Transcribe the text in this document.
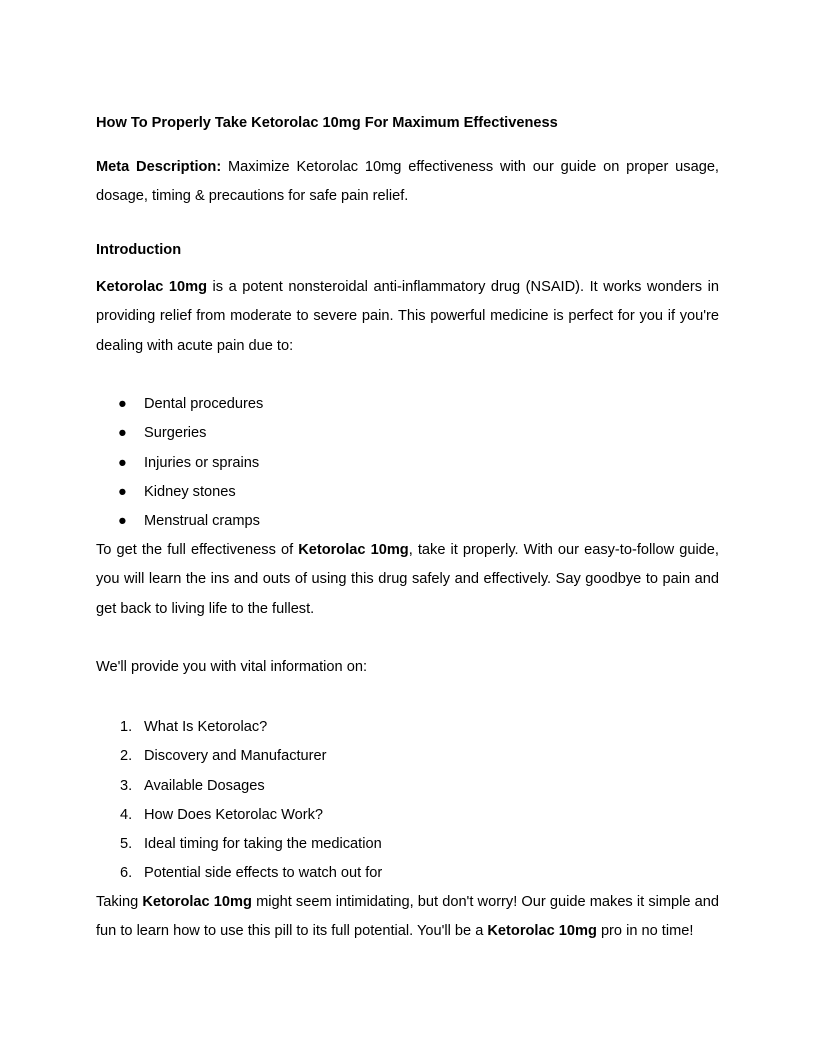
How To Properly Take Ketorolac 10mg For Maximum Effectiveness

Meta Description: Maximize Ketorolac 10mg effectiveness with our guide on proper usage, dosage, timing & precautions for safe pain relief.

Introduction

Ketorolac 10mg is a potent nonsteroidal anti-inflammatory drug (NSAID). It works wonders in providing relief from moderate to severe pain. This powerful medicine is perfect for you if you're dealing with acute pain due to:

●	Dental procedures
●	Surgeries
●	Injuries or sprains
●	Kidney stones
●	Menstrual cramps

To get the full effectiveness of Ketorolac 10mg, take it properly. With our easy-to-follow guide, you will learn the ins and outs of using this drug safely and effectively. Say goodbye to pain and get back to living life to the fullest.

We'll provide you with vital information on:

1. What Is Ketorolac?
2. Discovery and Manufacturer
3. Available Dosages
4. How Does Ketorolac Work?
5. Ideal timing for taking the medication
6. Potential side effects to watch out for

Taking Ketorolac 10mg might seem intimidating, but don't worry! Our guide makes it simple and fun to learn how to use this pill to its full potential. You'll be a Ketorolac 10mg pro in no time!
